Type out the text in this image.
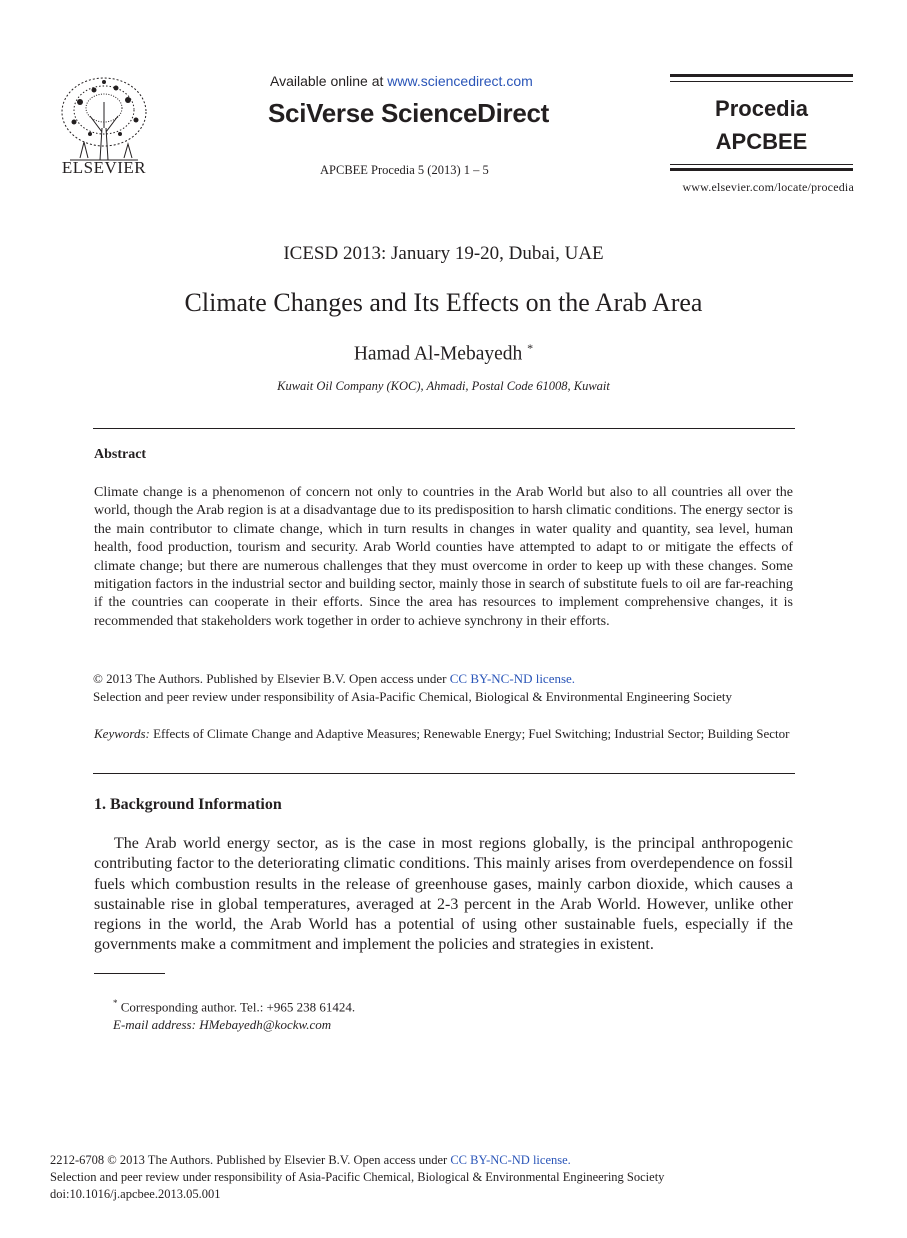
ELSEVIER
Available online at www.sciencedirect.com
SciVerse ScienceDirect
APCBEE Procedia 5 (2013) 1 – 5
Procedia
APCBEE
www.elsevier.com/locate/procedia
ICESD 2013: January 19-20, Dubai, UAE
Climate Changes and Its Effects on the Arab Area
Hamad Al-Mebayedh *
Kuwait Oil Company (KOC), Ahmadi, Postal Code 61008, Kuwait
Abstract
Climate change is a phenomenon of concern not only to countries in the Arab World but also to all countries all over the world, though the Arab region is at a disadvantage due to its predisposition to harsh climatic conditions. The energy sector is the main contributor to climate change, which in turn results in changes in water quality and quantity, sea level, human health, food production, tourism and security. Arab World counties have attempted to adapt to or mitigate the effects of climate change; but there are numerous challenges that they must overcome in order to keep up with these changes. Some mitigation factors in the industrial sector and building sector, mainly those in search of substitute fuels to oil are far-reaching if the countries can cooperate in their efforts. Since the area has resources to implement comprehensive changes, it is recommended that stakeholders work together in order to achieve synchrony in their efforts.
© 2013 The Authors. Published by Elsevier B.V. Open access under CC BY-NC-ND license.
Selection and peer review under responsibility of Asia-Pacific Chemical, Biological & Environmental Engineering Society
Keywords: Effects of Climate Change and Adaptive Measures; Renewable Energy; Fuel Switching; Industrial Sector; Building Sector
1. Background Information
The Arab world energy sector, as is the case in most regions globally, is the principal anthropogenic contributing factor to the deteriorating climatic conditions. This mainly arises from overdependence on fossil fuels which combustion results in the release of greenhouse gases, mainly carbon dioxide, which causes a sustainable rise in global temperatures, averaged at 2-3 percent in the Arab World. However, unlike other regions in the world, the Arab World has a potential of using other sustainable fuels, especially if the governments make a commitment and implement the policies and strategies in existent.
* Corresponding author. Tel.: +965 238 61424.
E-mail address: HMebayedh@kockw.com
2212-6708 © 2013 The Authors. Published by Elsevier B.V. Open access under CC BY-NC-ND license.
Selection and peer review under responsibility of Asia-Pacific Chemical, Biological & Environmental Engineering Society
doi:10.1016/j.apcbee.2013.05.001
